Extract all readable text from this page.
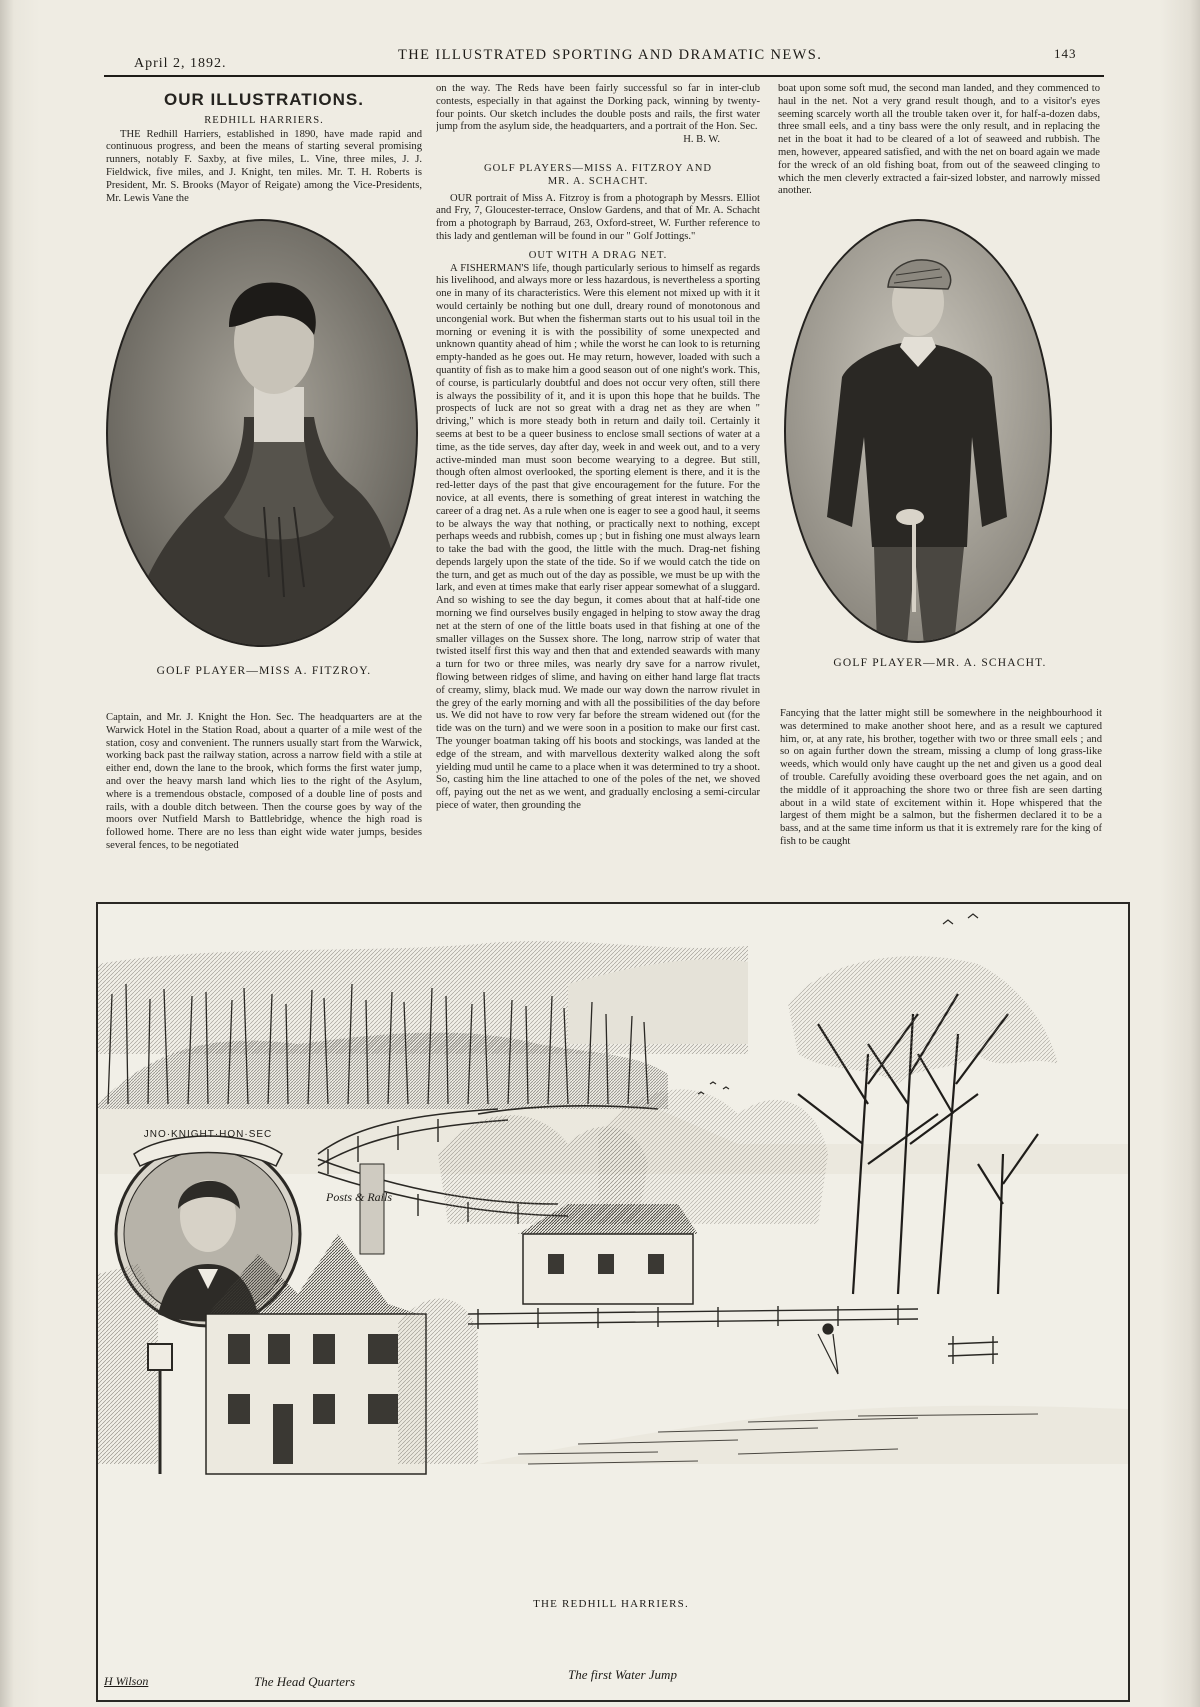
April 2, 1892.
THE ILLUSTRATED SPORTING AND DRAMATIC NEWS.	143
OUR ILLUSTRATIONS.
REDHILL HARRIERS.

THE Redhill Harriers, established in 1890, have made rapid and continuous progress, and been the means of starting several promising runners, notably F. Saxby, at five miles, L. Vine, three miles, J. J. Fieldwick, five miles, and J. Knight, ten miles. Mr. T. H. Roberts is President, Mr. S. Brooks (Mayor of Reigate) among the Vice-Presidents, Mr. Lewis Vane the

GOLF PLAYER—MISS A. FITZROY.

Captain, and Mr. J. Knight the Hon. Sec. The headquarters are at the Warwick Hotel in the Station Road, about a quarter of a mile west of the station, cosy and convenient. The runners usually start from the Warwick, working back past the railway station, across a narrow field with a stile at either end, down the lane to the brook, which forms the first water jump, and over the heavy marsh land which lies to the right of the Asylum, where is a tremendous obstacle, composed of a double line of posts and rails, with a double ditch between. Then the course goes by way of the moors over Nutfield Marsh to Battlebridge, whence the high road is followed home. There are no less than eight wide water jumps, besides several fences, to be negotiated

on the way. The Reds have been fairly successful so far in inter-club contests, especially in that against the Dorking pack, winning by twenty-four points. Our sketch includes the double posts and rails, the first water jump from the asylum side, the headquarters, and a portrait of the Hon. Sec.

H. B. W.
GOLF PLAYERS—MISS A. FITZROY AND
MR. A. SCHACHT.

OUR portrait of Miss A. Fitzroy is from a photograph by Messrs. Elliot and Fry, 7, Gloucester-terrace, Onslow Gardens, and that of Mr. A. Schacht from a photograph by Barraud, 263, Oxford-street, W. Further reference to this lady and gentleman will be found in our " Golf Jottings."

OUT WITH A DRAG NET.

A FISHERMAN'S life, though particularly serious to himself as regards his livelihood, and always more or less hazardous, is nevertheless a sporting one in many of its characteristics. Were this element not mixed up with it it would certainly be nothing but one dull, dreary round of monotonous and uncongenial work. But when the fisherman starts out to his usual toil in the morning or evening it is with the possibility of some unexpected and unknown quantity ahead of him ; while the worst he can look to is returning empty-handed as he goes out. He may return, however, loaded with such a quantity of fish as to make him a good season out of one night's work. This, of course, is particularly doubtful and does not occur very often, still there is always the possibility of it, and it is upon this hope that he builds. The prospects of luck are not so great with a drag net as they are when " driving," which is more steady both in return and daily toil. Certainly it seems at best to be a queer business to enclose small sections of water at a time, as the tide serves, day after day, week in and week out, and to a very active-minded man must soon become wearying to a degree. But still, though often almost overlooked, the sporting element is there, and it is the red-letter days of the past that give encouragement for the future. For the novice, at all events, there is something of great interest in watching the career of a drag net. As a rule when one is eager to see a good haul, it seems to be always the way that nothing, or practically next to nothing, except perhaps weeds and rubbish, comes up ; but in fishing one must always learn to take the bad with the good, the little with the much. Drag-net fishing depends largely upon the state of the tide. So if we would catch the tide on the turn, and get as much out of the day as possible, we must be up with the lark, and even at times make that early riser appear somewhat of a sluggard. And so wishing to see the day begun, it comes about that at half-tide one morning we find ourselves busily engaged in helping to stow away the drag net at the stern of one of the little boats used in that fishing at one of the smaller villages on the Sussex shore. The long, narrow strip of water that twisted itself first this way and then that and extended seawards with many a turn for two or three miles, was nearly dry save for a narrow rivulet, flowing between ridges of slime, and having on either hand large flat tracts of creamy, slimy, black mud. We made our way down the narrow rivulet in the grey of the early morning and with all the possibilities of the day before us. We did not have to row very far before the stream widened out (for the tide was on the turn) and we were soon in a position to make our first cast. The younger boatman taking off his boots and stockings, was landed at the edge of the stream, and with marvellous dexterity walked along the soft yielding mud until he came to a place when it was determined to try a shoot. So, casting him the line attached to one of the poles of the net, we shoved off, paying out the net as we went, and gradually enclosing a semi-circular piece of water, then grounding the

boat upon some soft mud, the second man landed, and they commenced to haul in the net. Not a very grand result though, and to a visitor's eyes seeming scarcely worth all the trouble taken over it, for half-a-dozen dabs, three small eels, and a tiny bass were the only result, and in replacing the net in the boat it had to be cleared of a lot of seaweed and rubbish. The men, however, appeared satisfied, and with the net on board again we made for the wreck of an old fishing boat, from out of the seaweed clinging to which the men cleverly extracted a fair-sized lobster, and narrowly missed another.

GOLF PLAYER—MR. A. SCHACHT.

Fancying that the latter might still be somewhere in the neighbourhood it was determined to make another shoot here, and as a result we captured him, or, at any rate, his brother, together with two or three small eels ; and so on again further down the stream, missing a clump of long grass-like weeds, which would only have caught up the net and given us a good deal of trouble. Carefully avoiding these overboard goes the net again, and on the middle of it approaching the shore two or three fish are seen darting about in a wild state of excitement within it. Hope whispered that the largest of them might be a salmon, but the fishermen declared it to be a bass, and at the same time inform us that it is extremely rare for the king of fish to be caught

JNO·KNIGHT·HON·SEC
Posts & Rails
H Wilson	The Head Quarters	The first Water Jump
THE REDHILL HARRIERS.
